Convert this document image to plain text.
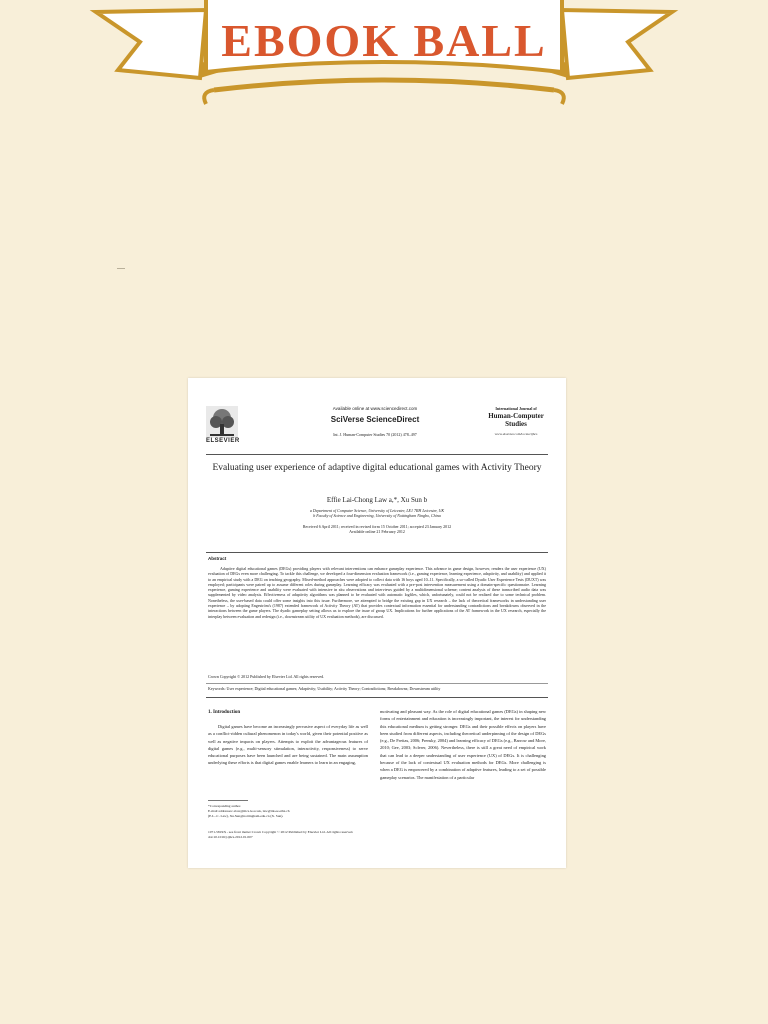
EBOOK BALL
ELSEVIER
Available online at www.sciencedirect.com
SciVerse ScienceDirect
Int. J. Human-Computer Studies 70 (2012) 478–497
International Journal of
Human-Computer Studies
www.elsevier.com/locate/ijhcs
Evaluating user experience of adaptive digital educational games with Activity Theory
Effie Lai-Chong Law a,*, Xu Sun b
a Department of Computer Science, University of Leicester, LE1 7RH Leicester, UK
b Faculty of Science and Engineering, University of Nottingham Ningbo, China
Received 6 April 2011; received in revised form 15 October 2011; accepted 23 January 2012
Available online 21 February 2012
Abstract
Adaptive digital educational games (DEGs) providing players with relevant interventions can enhance gameplay experience. This advance in game design, however, renders the user experience (UX) evaluation of DEGs even more challenging. To tackle this challenge, we developed a four-dimension evaluation framework (i.e., gaming experience, learning experience, adaptivity, and usability) and applied it to an empirical study with a DEG on teaching geography. Mixed-method approaches were adopted to collect data with 16 boys aged 10–11. Specifically, a so-called Dyadic User Experience Tests (DUXT) was employed; participants were paired up to assume different roles during gameplay. Learning efficacy was evaluated with a pre-post intervention measurement using a domain-specific questionnaire. Learning experience, gaming experience and usability were evaluated with intensive in situ observations and interviews guided by a multidimensional scheme; content analysis of these transcribed audio data was supplemented by video analysis. Effectiveness of adaptivity algorithms was planned to be evaluated with automatic logfiles, which, unfortunately, could not be realized due to some technical problem. Nonetheless, the user-based data could offer some insights into this issue. Furthermore, we attempted to bridge the existing gap in UX research – the lack of theoretical frameworks in understanding user experience – by adopting Engeström's (1987) extended framework of Activity Theory (AT) that provides contextual information essential for understanding contradictions and breakdowns observed in the interactions between the game players. The dyadic gameplay setting allows us to explore the issue of group UX. Implications for further applications of the AT framework in the UX research, especially the interplay between evaluation and redesign (i.e., downstream utility of UX evaluation methods), are discussed.
Crown Copyright © 2012 Published by Elsevier Ltd. All rights reserved.
Keywords: User experience; Digital educational games; Adaptivity; Usability; Activity Theory; Contradictions; Breakdowns; Downstream utility
1. Introduction

Digital games have become an increasingly pervasive aspect of everyday life as well as a conflict-ridden cultural phenomenon in today's world, given their potential positive as well as negative impacts on players. Attempts to exploit the advantageous features of digital games (e.g., multi-sensory stimulation, interactivity, responsiveness) to serve educational purposes have been launched and are being sustained. The main assumption underlying these efforts is that digital games enable learners to learn in an engaging,

motivating and pleasant way. As the role of digital educational games (DEGs) in shaping new forms of entertainment and education is increasingly important, the interest for understanding this educational medium is getting stronger. DEGs and their possible effects on players have been studied from different aspects, including theoretical underpinning of the design of DEGs (e.g., De Freitas, 2006; Prensky, 2004) and learning efficacy of DEGs (e.g., Barrow and More, 2010; Gee, 2003; Sclerer, 2006). Nevertheless, there is still a great need of empirical work that can lead to a deeper understanding of user experience (UX) of DEGs. It is challenging because of the lack of contextual UX evaluation methods for DEGs. More challenging is when a DEG is empowered by a combination of adaptive features, leading to a set of possible gameplay scenarios. The manifestation of a particular

*Corresponding author.
E-mail addresses: elaw@mcs.le.ac.uk, law@tik.ee.ethz.ch
(E.L.-C. Law), Xu.Sun@nottingham.edu.cn (X. Sun).
1071-5819/$ - see front matter Crown Copyright © 2012 Published by Elsevier Ltd. All rights reserved.
doi:10.1016/j.ijhcs.2012.01.007
